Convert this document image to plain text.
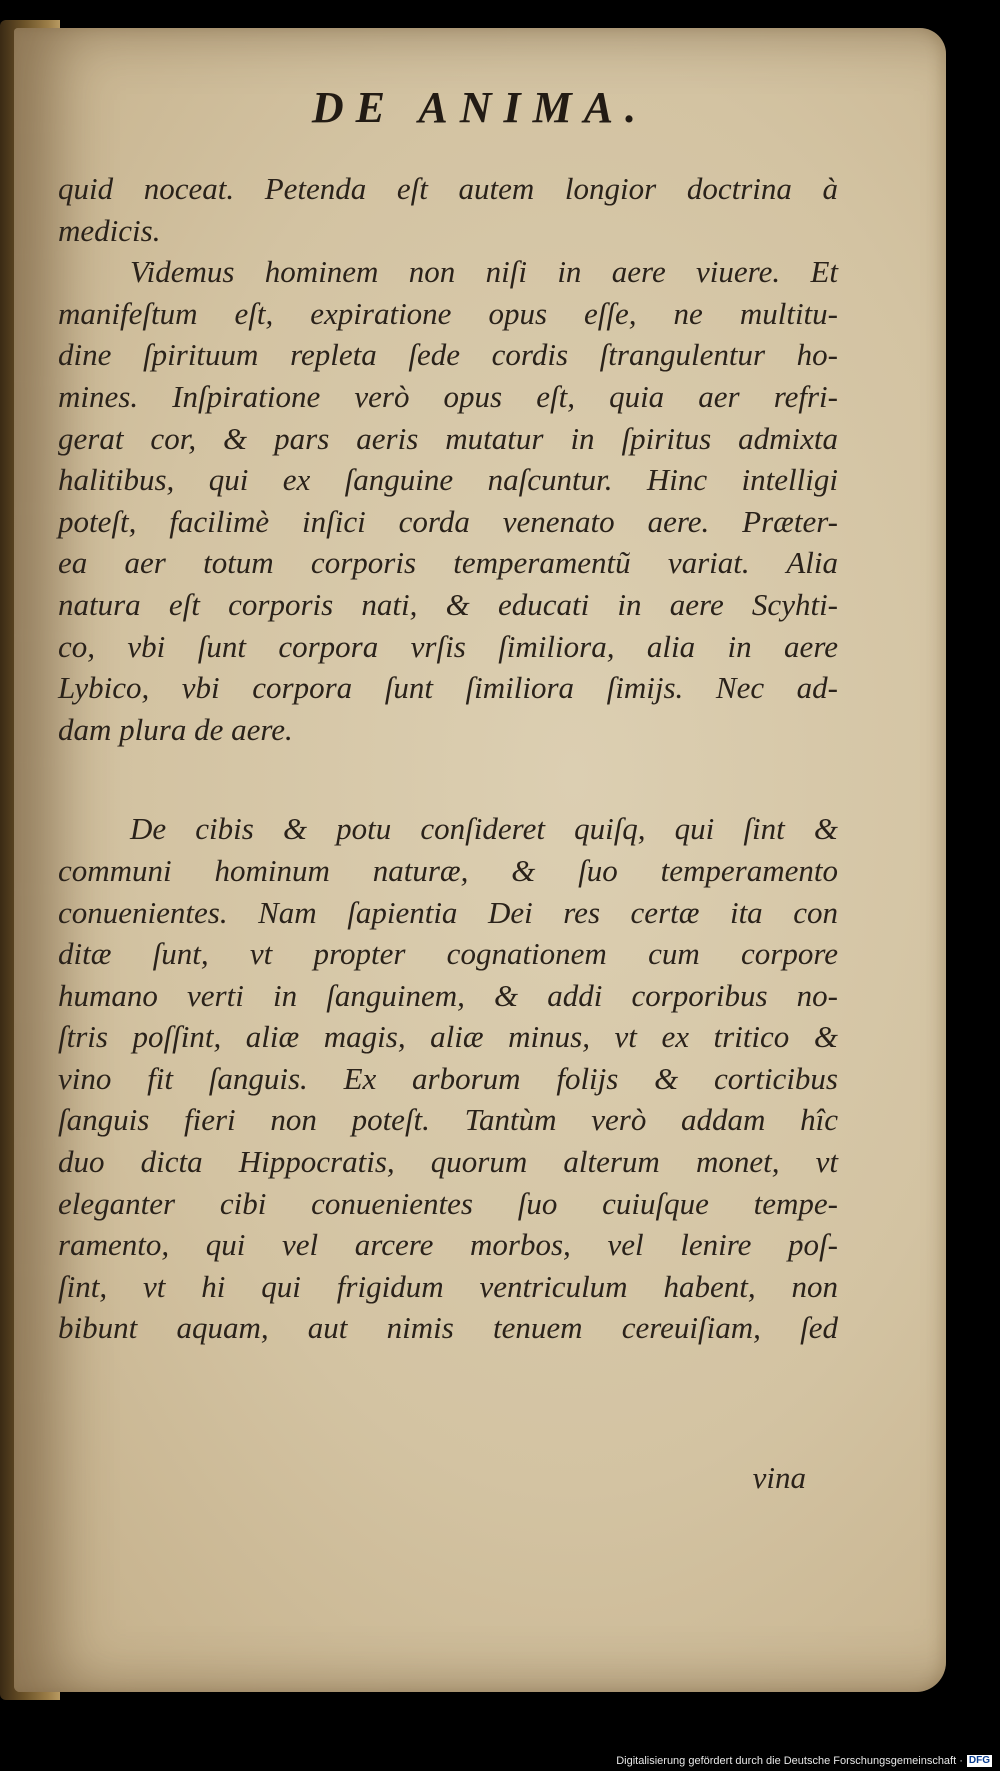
DE ANIMA.
quid noceat. Petenda eſt autem longior doctrina à
medicis.
Videmus hominem non niſi in aere viuere. Et
manifeſtum eſt, expiratione opus eſſe, ne multitu-
dine ſpirituum repleta ſede cordis ſtrangulentur ho-
mines. Inſpiratione verò opus eſt, quia aer refri-
gerat cor, & pars aeris mutatur in ſpiritus admixta
halitibus, qui ex ſanguine naſcuntur. Hinc intelligi
poteſt, facilimè inſici corda venenato aere. Præter-
ea aer totum corporis temperamentũ variat. Alia
natura eſt corporis nati, & educati in aere Scyhti-
co, vbi ſunt corpora vrſis ſimiliora, alia in aere
Lybico, vbi corpora ſunt ſimiliora ſimijs. Nec ad-
dam plura de aere.
De cibis & potu conſideret quiſq, qui ſint &
communi hominum naturæ, & ſuo temperamento
conuenientes. Nam ſapientia Dei res certæ ita con
ditæ ſunt, vt propter cognationem cum corpore
humano verti in ſanguinem, & addi corporibus no-
ſtris poſſint, aliæ magis, aliæ minus, vt ex tritico &
vino fit ſanguis. Ex arborum folijs & corticibus
ſanguis fieri non poteſt. Tantùm verò addam hîc
duo dicta Hippocratis, quorum alterum monet, vt
eleganter cibi conuenientes ſuo cuiuſque tempe-
ramento, qui vel arcere morbos, vel lenire poſ-
ſint, vt hi qui frigidum ventriculum habent, non
bibunt aquam, aut nimis tenuem cereuiſiam, ſed

vina

Digitalisierung gefördert durch die Deutsche Forschungsgemeinschaft · DFG
